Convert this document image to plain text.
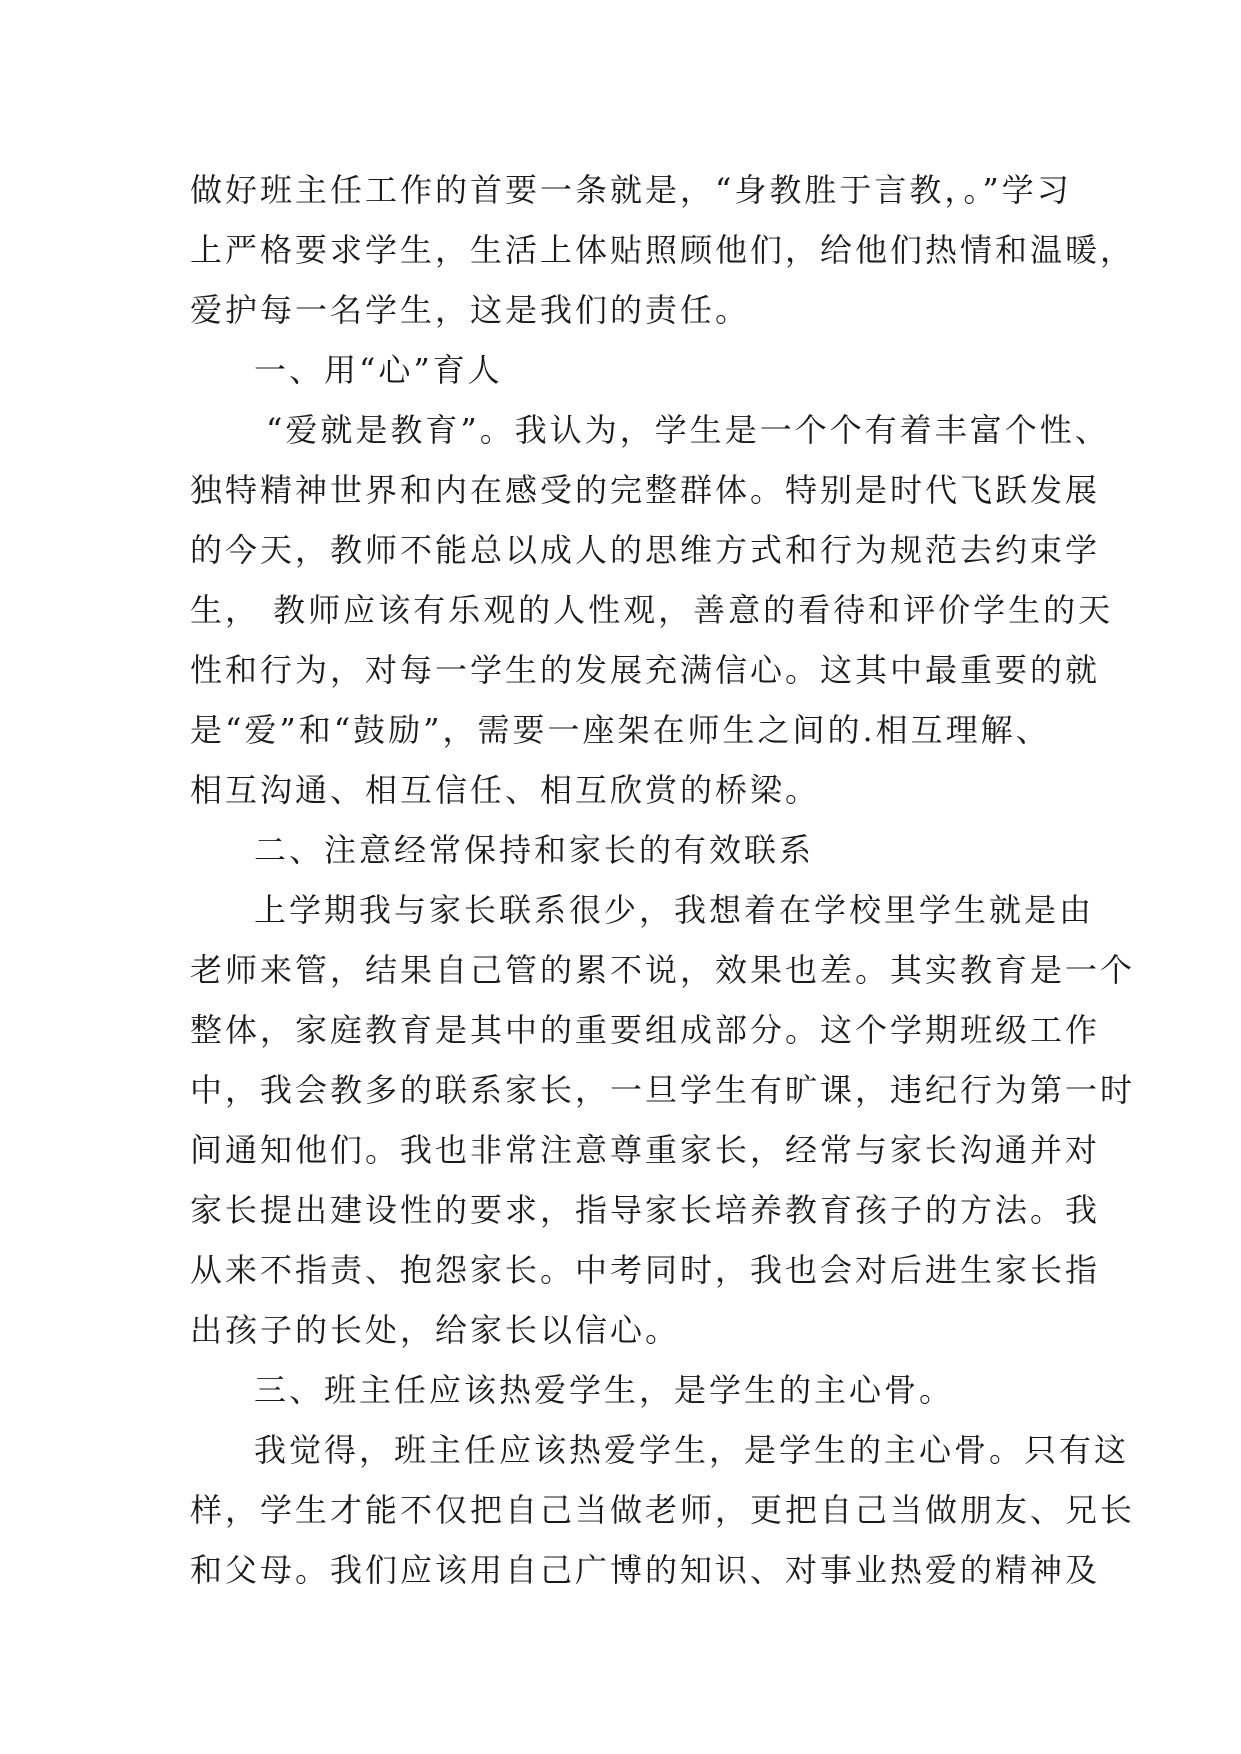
做好班主任工作的首要一条就是，“身教胜于言教，。”学习
上严格要求学生，生活上体贴照顾他们，给他们热情和温暖，
爱护每一名学生，这是我们的责任。
一、用“心”育人
“爱就是教育”。我认为，学生是一个个有着丰富个性、
独特精神世界和内在感受的完整群体。特别是时代飞跃发展
的今天，教师不能总以成人的思维方式和行为规范去约束学
生， 教师应该有乐观的人性观，善意的看待和评价学生的天
性和行为，对每一学生的发展充满信心。这其中最重要的就
是“爱”和“鼓励”，需要一座架在师生之间的.相互理解、
相互沟通、相互信任、相互欣赏的桥梁。
二、注意经常保持和家长的有效联系
上学期我与家长联系很少，我想着在学校里学生就是由
老师来管，结果自己管的累不说，效果也差。其实教育是一个
整体，家庭教育是其中的重要组成部分。这个学期班级工作
中，我会教多的联系家长，一旦学生有旷课，违纪行为第一时
间通知他们。我也非常注意尊重家长，经常与家长沟通并对
家长提出建设性的要求，指导家长培养教育孩子的方法。我
从来不指责、抱怨家长。中考同时，我也会对后进生家长指
出孩子的长处，给家长以信心。
三、班主任应该热爱学生，是学生的主心骨。
我觉得，班主任应该热爱学生，是学生的主心骨。只有这
样，学生才能不仅把自己当做老师，更把自己当做朋友、兄长
和父母。我们应该用自己广博的知识、对事业热爱的精神及
